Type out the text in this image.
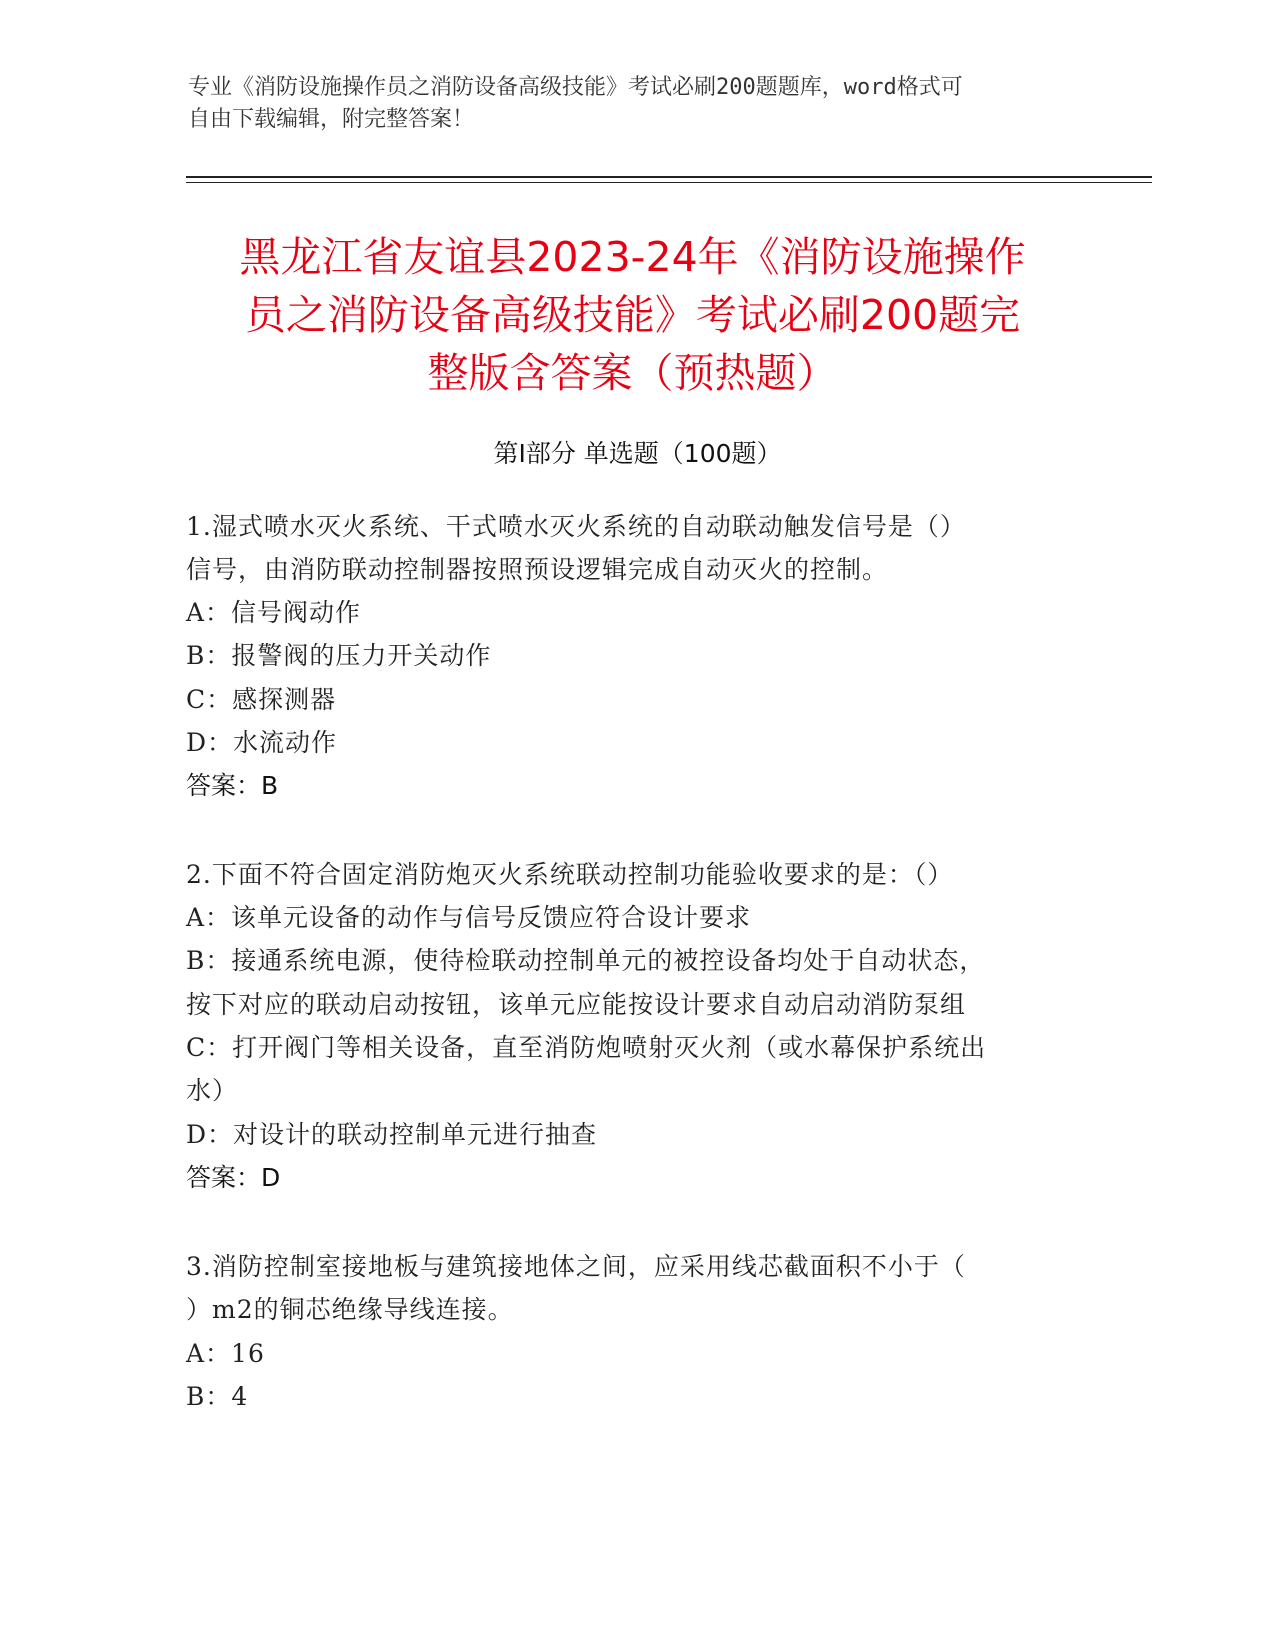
专业《消防设施操作员之消防设备高级技能》考试必刷200题题库，word格式可
自由下载编辑，附完整答案！
黑龙江省友谊县2023-24年《消防设施操作
员之消防设备高级技能》考试必刷200题完
整版含答案（预热题）
第Ⅰ部分 单选题（100题）
1.湿式喷水灭火系统、干式喷水灭火系统的自动联动触发信号是（）
信号，由消防联动控制器按照预设逻辑完成自动灭火的控制。
A：信号阀动作
B：报警阀的压力开关动作
C：感探测器
D：水流动作
答案：B
2.下面不符合固定消防炮灭火系统联动控制功能验收要求的是：（）
A：该单元设备的动作与信号反馈应符合设计要求
B：接通系统电源，使待检联动控制单元的被控设备均处于自动状态，
按下对应的联动启动按钮，该单元应能按设计要求自动启动消防泵组
C：打开阀门等相关设备，直至消防炮喷射灭火剂（或水幕保护系统出
水）
D：对设计的联动控制单元进行抽查
答案：D
3.消防控制室接地板与建筑接地体之间，应采用线芯截面积不小于（
）m2的铜芯绝缘导线连接。
A：16
B：4
